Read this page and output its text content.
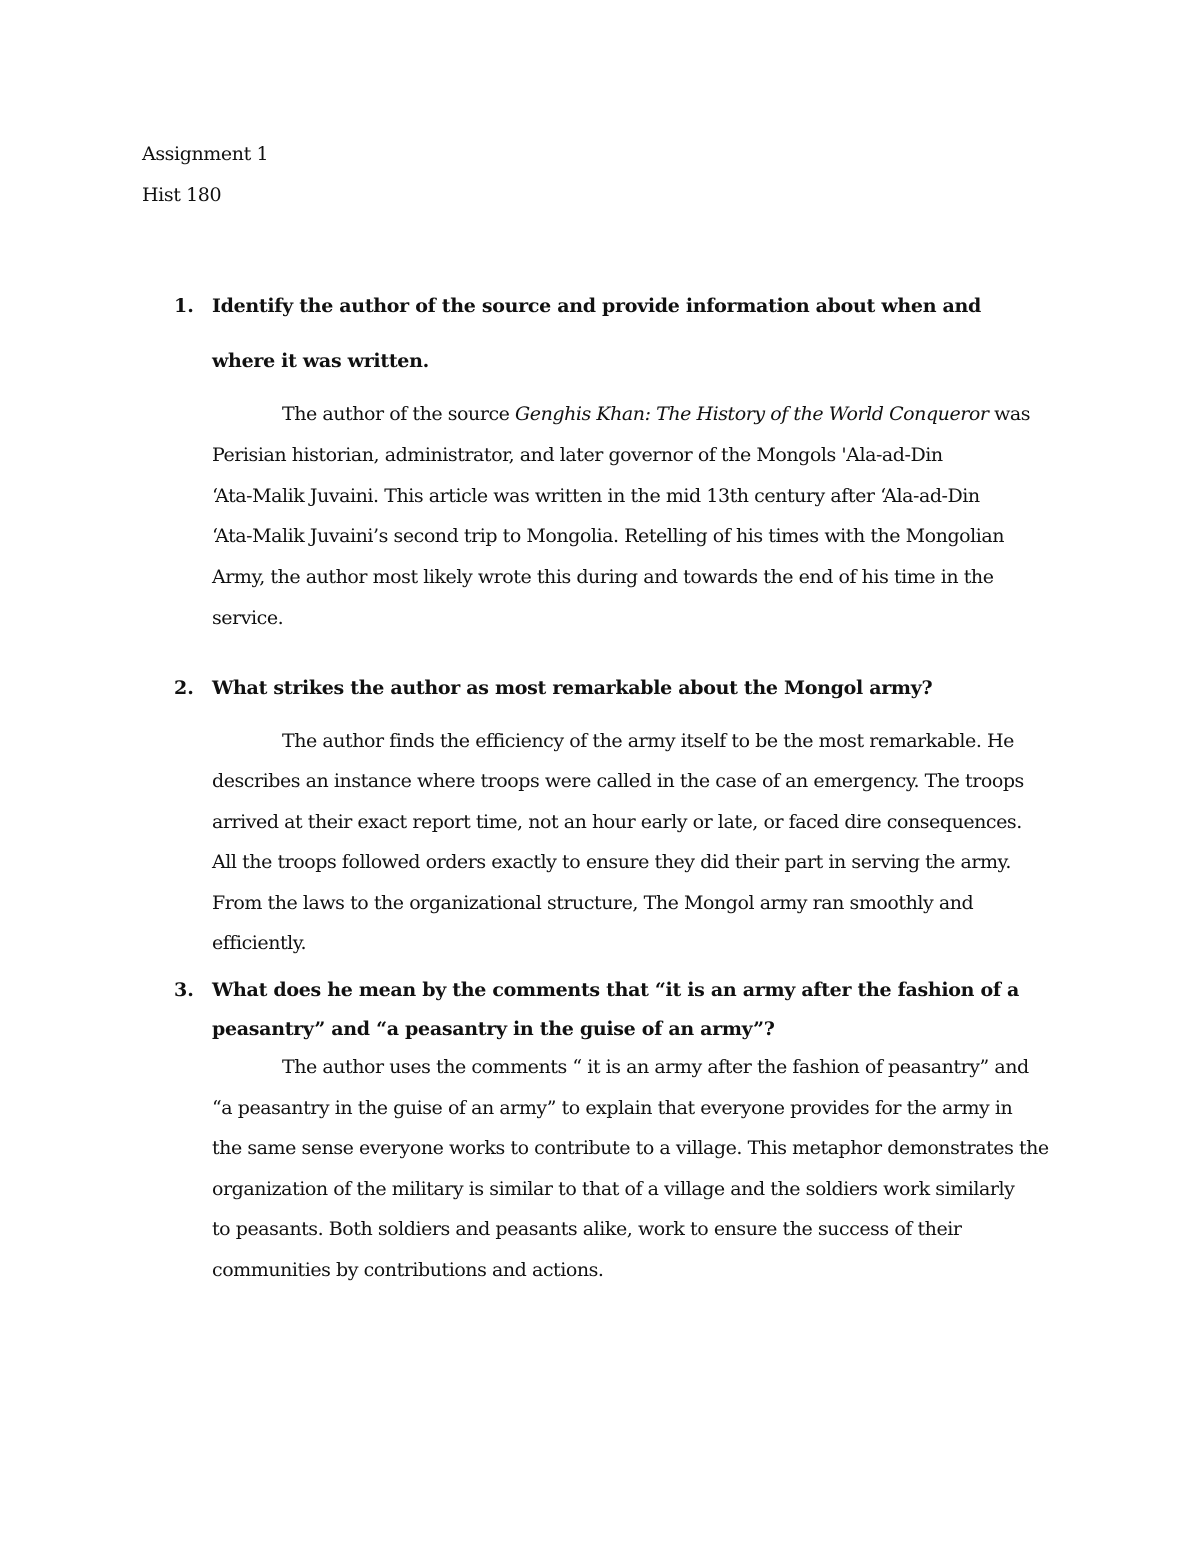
Assignment 1
Hist 180
1. Identify the author of the source and provide information about when and
where it was written.
The author of the source Genghis Khan: The History of the World Conqueror was
Perisian historian, administrator, and later governor of the Mongols 'Ala-ad-Din
‘Ata-Malik Juvaini. This article was written in the mid 13th century after ‘Ala-ad-Din
‘Ata-Malik Juvaini’s second trip to Mongolia. Retelling of his times with the Mongolian
Army, the author most likely wrote this during and towards the end of his time in the
service.
2. What strikes the author as most remarkable about the Mongol army?
The author finds the efficiency of the army itself to be the most remarkable. He
describes an instance where troops were called in the case of an emergency. The troops
arrived at their exact report time, not an hour early or late, or faced dire consequences.
All the troops followed orders exactly to ensure they did their part in serving the army.
From the laws to the organizational structure, The Mongol army ran smoothly and
efficiently.
3. What does he mean by the comments that “it is an army after the fashion of a
peasantry” and “a peasantry in the guise of an army”?
The author uses the comments “ it is an army after the fashion of peasantry” and
“a peasantry in the guise of an army” to explain that everyone provides for the army in
the same sense everyone works to contribute to a village. This metaphor demonstrates the
organization of the military is similar to that of a village and the soldiers work similarly
to peasants. Both soldiers and peasants alike, work to ensure the success of their
communities by contributions and actions.
